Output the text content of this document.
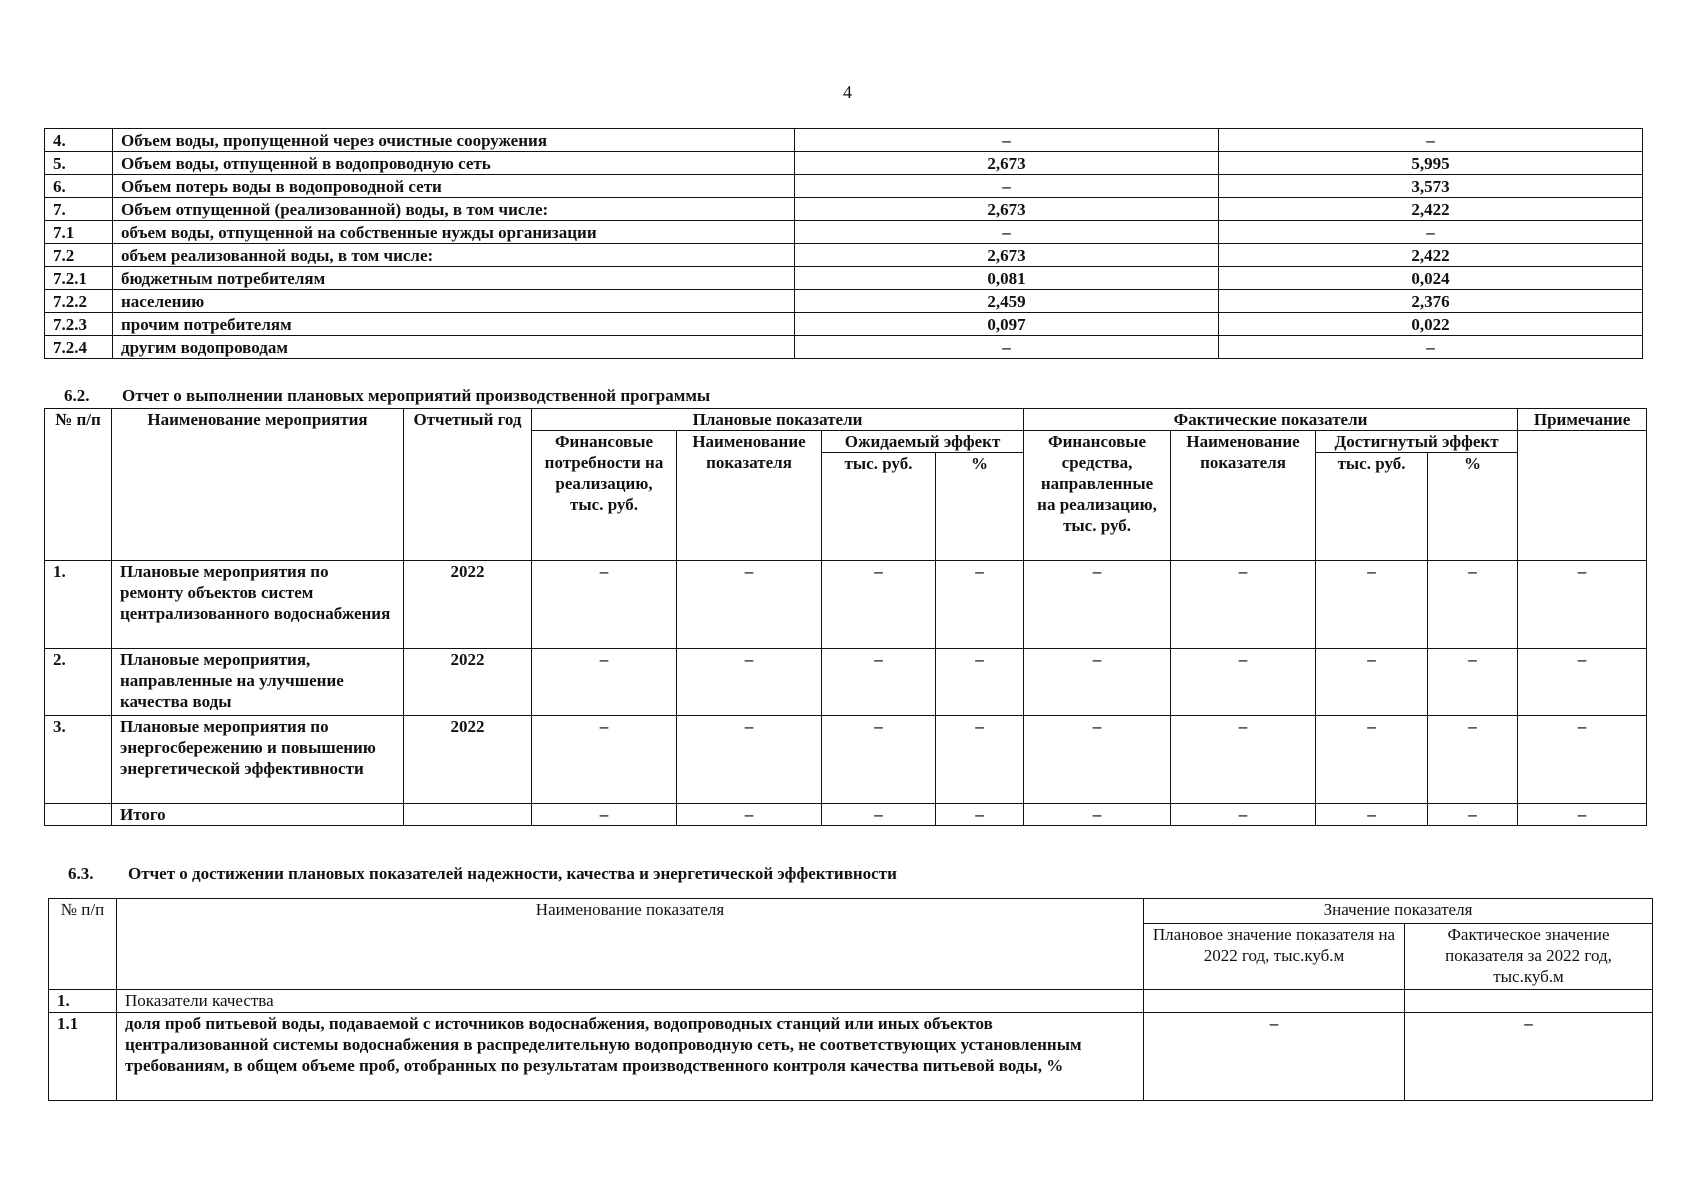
4
4.	Объем воды, пропущенной через очистные сооружения	–	–
5.	Объем воды, отпущенной в водопроводную сеть	2,673	5,995
6.	Объем потерь воды в водопроводной сети	–	3,573
7.	Объем отпущенной (реализованной) воды, в том числе:	2,673	2,422
7.1	объем воды, отпущенной на собственные нужды организации	–	–
7.2	объем реализованной воды, в том числе:	2,673	2,422
7.2.1	бюджетным потребителям	0,081	0,024
7.2.2	населению	2,459	2,376
7.2.3	прочим потребителям	0,097	0,022
7.2.4	другим водопроводам	–	–
6.2. Отчет о выполнении плановых мероприятий производственной программы
№ п/п	Наименование мероприятия	Отчетный год	Плановые показатели				Фактические показатели				Примечание
			Финансовые потребности на реализацию, тыс. руб.	Наименование показателя	Ожидаемый эффект		Финансовые средства, направленные на реализацию, тыс. руб.	Наименование показателя	Достигнутый эффект		
					тыс. руб.	%			тыс. руб.	%	
1.	Плановые мероприятия по ремонту объектов систем централизованного водоснабжения	2022	–	–	–	–	–	–	–	–	–
2.	Плановые мероприятия, направленные на улучшение качества воды	2022	–	–	–	–	–	–	–	–	–
3.	Плановые мероприятия по энергосбережению и повышению энергетической эффективности	2022	–	–	–	–	–	–	–	–	–
	Итого		–	–	–	–	–	–	–	–	–
6.3. Отчет о достижении плановых показателей надежности, качества и энергетической эффективности
№ п/п	Наименование показателя	Значение показателя	
		Плановое значение показателя на 2022 год, тыс.куб.м	Фактическое значение показателя за 2022 год, тыс.куб.м
1.	Показатели качества		
1.1	доля проб питьевой воды, подаваемой с источников водоснабжения, водопроводных станций или иных объектов централизованной системы водоснабжения в распределительную водопроводную сеть, не соответствующих установленным требованиям, в общем объеме проб, отобранных по результатам производственного контроля качества питьевой воды, %	–	–
